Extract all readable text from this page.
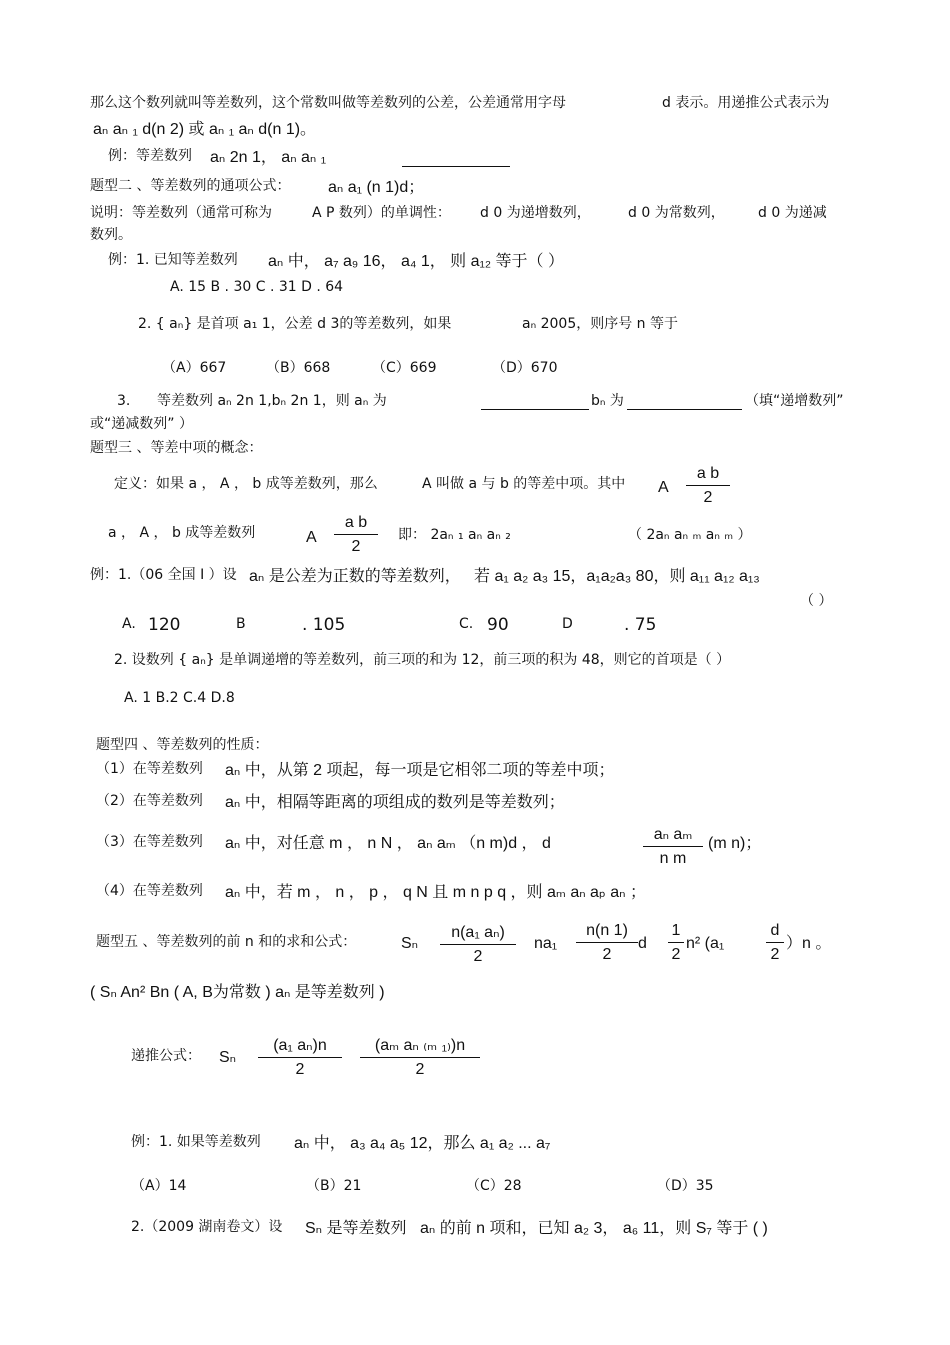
那么这个数列就叫等差数列，这个常数叫做等差数列的公差，公差通常用字母	d 表示。用递推公式表示为
aₙ aₙ ₁ d(n 2) 或 aₙ ₁ aₙ d(n 1)。
例：等差数列 aₙ 2n 1， aₙ aₙ ₁
题型二 、等差数列的通项公式： aₙ a₁ (n 1)d；
说明：等差数列（通常可称为	A P 数列）的单调性： d 0 为递增数列，	d 0 为常数列， d 0 为递减
数列。
例：1. 已知等差数列 aₙ 中， a₇ a₉ 16， a₄ 1， 则 a₁₂ 等于（ ）
A. 15 B . 30 C . 31 D . 64
2. { aₙ} 是首项 a₁ 1，公差 d 3的等差数列，如果	aₙ 2005，则序号 n 等于
（A）667	（B）668	（C）669	（D）670
3. 等差数列 aₙ 2n 1,bₙ 2n 1，则 aₙ 为	bₙ 为	（填“递增数列”
或“递减数列” ）
题型三 、等差中项的概念：
定义：如果 a ， A ， b 成等差数列，那么	A 叫做 a 与 b 的等差中项。其中 A $\frac{\text{a b}}{2}$
a ， A ， b 成等差数列	A $\frac{\text{a b}}{2}$ 即： 2aₙ ₁ aₙ aₙ ₂	（ 2aₙ aₙ ₘ aₙ ₘ ）
例：1.（06 全国 I ）设 aₙ 是公差为正数的等差数列， 若 a₁ a₂ a₃ 15，a₁a₂a₃ 80，则 a₁₁ a₁₂ a₁₃
（ ）
A. 120	B	. 105	C. 90	D	. 75
2. 设数列 { aₙ} 是单调递增的等差数列，前三项的和为 12，前三项的积为 48，则它的首项是（ ）
A. 1 B.2 C.4 D.8
题型四 、等差数列的性质：
（1）在等差数列 aₙ 中，从第 2 项起，每一项是它相邻二项的等差中项；
（2）在等差数列 aₙ 中，相隔等距离的项组成的数列是等差数列；
（3）在等差数列 aₙ 中，对任意 m ， n N ， aₙ aₘ （n m)d ， d	$\frac{\text{aₙ aₘ}}{\text{n m}} (m$ n)；
（4）在等差数列 aₙ 中，若 m ， n ， p ， q N 且 m n p q ，则 aₘ aₙ aₚ aₙ ；
题型五 、等差数列的前 n 和的求和公式：	Sₙ $\frac{\text{n(a₁ aₙ)}}{2} na_1 \frac{n(n 1)}{2}$ d $\frac{1}{2} n^2$ (a₁	$\frac{d}{2} )n$ 。
( Sₙ An² Bn ( A, B为常数 ) aₙ 是等差数列 )
递推公式： Sₙ $\frac{\text{(a₁ aₙ)n}}{2} \frac{\text{(aₘ aₙ ₍ₘ ₁₎)n}}{2}$
例：1. 如果等差数列 aₙ 中， a₃ a₄ a₅ 12，那么 a₁ a₂ ... a₇
（A）14	（B）21	（C）28	（D）35
2.（2009 湖南卷文）设 Sₙ 是等差数列 aₙ 的前 n 项和，已知 a₂ 3， a₆ 11，则 S₇ 等于 ( )
